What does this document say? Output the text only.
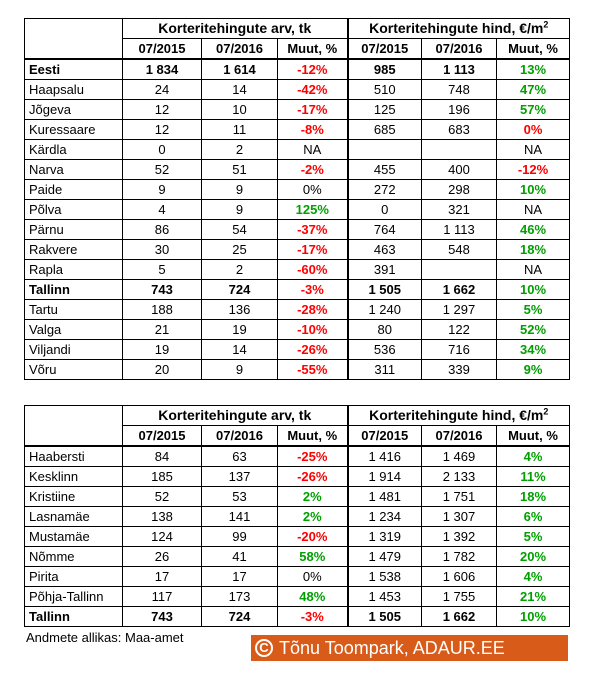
	Korteritehingute arv, tk			Korteritehingute hind, $€/m^2$
	07/2015	07/2016	Muut, %	07/2015	07/2016	Muut, %
Eesti	1 834	1 614	-12%	985	1 113	13%
Haapsalu	24	14	-42%	510	748	47%
Jõgeva	12	10	-17%	125	196	57%
Kuressaare	12	11	-8%	685	683	0%
Kärdla	0	2	NA			NA
Narva	52	51	-2%	455	400	-12%
Paide	9	9	0%	272	298	10%
Põlva	4	9	125%	0	321	NA
Pärnu	86	54	-37%	764	1 113	46%
Rakvere	30	25	-17%	463	548	18%
Rapla	5	2	-60%	391		NA
Tallinn	743	724	-3%	1 505	1 662	10%
Tartu	188	136	-28%	1 240	1 297	5%
Valga	21	19	-10%	80	122	52%
Viljandi	19	14	-26%	536	716	34%
Võru	20	9	-55%	311	339	9%
	Korteritehingute arv, tk			Korteritehingute hind, $€/m^2$
	07/2015	07/2016	Muut, %	07/2015	07/2016	Muut, %
Haabersti	84	63	-25%	1 416	1 469	4%
Kesklinn	185	137	-26%	1 914	2 133	11%
Kristiine	52	53	2%	1 481	1 751	18%
Lasnamäe	138	141	2%	1 234	1 307	6%
Mustamäe	124	99	-20%	1 319	1 392	5%
Nõmme	26	41	58%	1 479	1 782	20%
Pirita	17	17	0%	1 538	1 606	4%
Põhja-Tallinn	117	173	48%	1 453	1 755	21%
Tallinn	743	724	-3%	1 505	1 662	10%
Andmete allikas: Maa-amet
C Tõnu Toompark, ADAUR.EE
